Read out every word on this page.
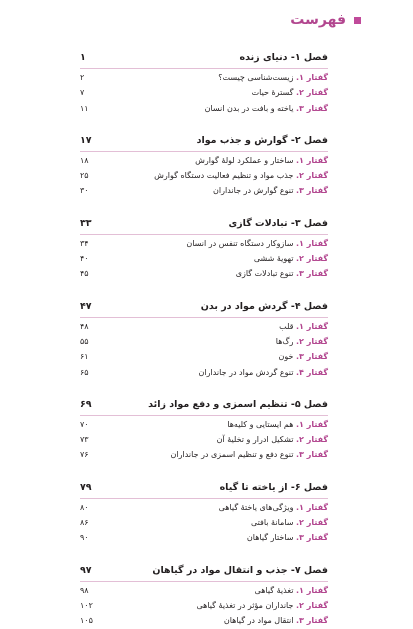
فهرست
۱	فصل ۱- دنیای زنده
۲	گفتار ۱. زیست‌شناسی چیست؟
۷	گفتار ۲. گسترهٔ حیات
۱۱	گفتار ۳. یاخته و بافت در بدن انسان
۱۷	فصل ۲- گوارش و جذب مواد
۱۸	گفتار ۱. ساختار و عملکرد لولهٔ گوارش
۲۵	گفتار ۲. جذب مواد و تنظیم فعالیت دستگاه گوارش
۳۰	گفتار ۳. تنوع گوارش در جانداران
۳۳	فصل ۳- تبادلات گازی
۳۴	گفتار ۱. سازوکار دستگاه تنفس در انسان
۴۰	گفتار ۲. تهویهٔ ششی
۴۵	گفتار ۳. تنوع تبادلات گازی
۴۷	فصل ۴- گردش مواد در بدن
۴۸	گفتار ۱. قلب
۵۵	گفتار ۲. رگ‌ها
۶۱	گفتار ۳. خون
۶۵	گفتار ۴. تنوع گردش مواد در جانداران
۶۹	فصل ۵- تنظیم اسمزی و دفع مواد زائد
۷۰	گفتار ۱. هم ایستایی و کلیه‌ها
۷۳	گفتار ۲. تشکیل ادرار و تخلیهٔ آن
۷۶	گفتار ۳. تنوع دفع و تنظیم اسمزی در جانداران
۷۹	فصل ۶- از یاخته تا گیاه
۸۰	گفتار ۱. ویژگی‌های یاختهٔ گیاهی
۸۶	گفتار ۲. سامانهٔ بافتی
۹۰	گفتار ۳. ساختار گیاهان
۹۷	فصل ۷- جذب و انتقال مواد در گیاهان
۹۸	گفتار ۱. تغذیهٔ گیاهی
۱۰۲	گفتار ۲. جانداران مؤثر در تغذیهٔ گیاهی
۱۰۵	گفتار ۳. انتقال مواد در گیاهان
